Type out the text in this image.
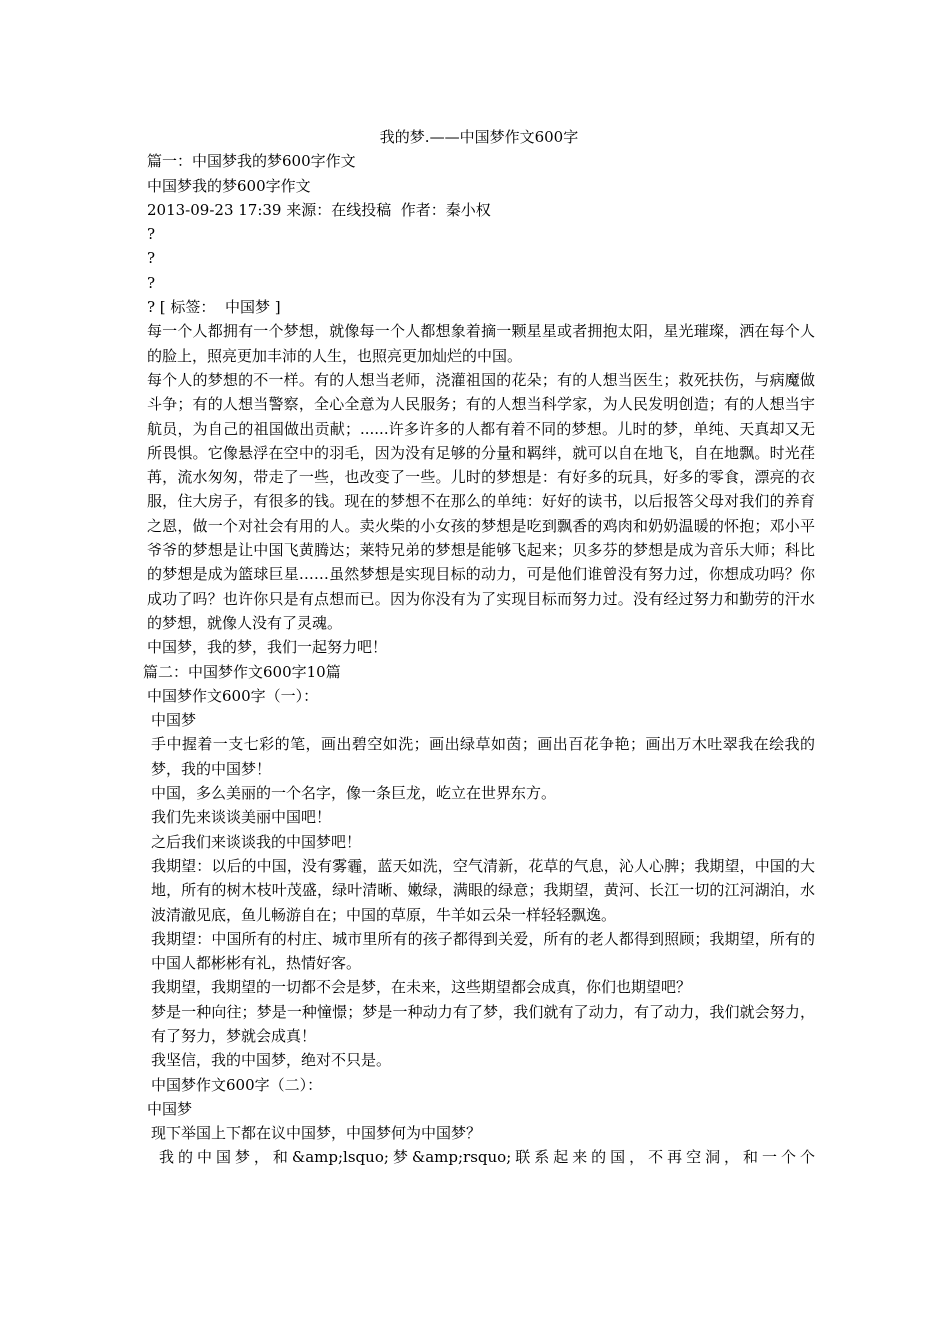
我的梦.——中国梦作文600字

篇一：中国梦我的梦600字作文

中国梦我的梦600字作文

2013-09-23 17:39 来源：在线投稿  作者：秦小权

?

?

?

? [ 标签：  中国梦 ]

每一个人都拥有一个梦想，就像每一个人都想象着摘一颗星星或者拥抱太阳，星光璀璨，洒在每个人的脸上，照亮更加丰沛的人生，也照亮更加灿烂的中国。

每个人的梦想的不一样。有的人想当老师，浇灌祖国的花朵；有的人想当医生；救死扶伤，与病魔做斗争；有的人想当警察，全心全意为人民服务；有的人想当科学家，为人民发明创造；有的人想当宇航员，为自己的祖国做出贡献；......许多许多的人都有着不同的梦想。儿时的梦，单纯、天真却又无所畏惧。它像悬浮在空中的羽毛，因为没有足够的分量和羁绊，就可以自在地飞，自在地飘。时光荏苒，流水匆匆，带走了一些，也改变了一些。儿时的梦想是：有好多的玩具，好多的零食，漂亮的衣服，住大房子，有很多的钱。现在的梦想不在那么的单纯：好好的读书，以后报答父母对我们的养育之恩，做一个对社会有用的人。卖火柴的小女孩的梦想是吃到飘香的鸡肉和奶奶温暖的怀抱；邓小平爷爷的梦想是让中国飞黄腾达；莱特兄弟的梦想是能够飞起来；贝多芬的梦想是成为音乐大师；科比的梦想是成为篮球巨星……虽然梦想是实现目标的动力，可是他们谁曾没有努力过，你想成功吗？你成功了吗？也许你只是有点想而已。因为你没有为了实现目标而努力过。没有经过努力和勤劳的汗水的梦想，就像人没有了灵魂。

中国梦，我的梦，我们一起努力吧！

篇二：中国梦作文600字10篇

中国梦作文600字（一）：

中国梦

手中握着一支七彩的笔，画出碧空如洗；画出绿草如茵；画出百花争艳；画出万木吐翠我在绘我的梦，我的中国梦！

中国，多么美丽的一个名字，像一条巨龙，屹立在世界东方。

我们先来谈谈美丽中国吧！

之后我们来谈谈我的中国梦吧！

我期望：以后的中国，没有雾霾，蓝天如洗，空气清新，花草的气息，沁人心脾；我期望，中国的大地，所有的树木枝叶茂盛，绿叶清晰、嫩绿，满眼的绿意；我期望，黄河、长江一切的江河湖泊，水波清澈见底，鱼儿畅游自在；中国的草原，牛羊如云朵一样轻轻飘逸。

我期望：中国所有的村庄、城市里所有的孩子都得到关爱，所有的老人都得到照顾；我期望，所有的中国人都彬彬有礼，热情好客。

我期望，我期望的一切都不会是梦，在未来，这些期望都会成真，你们也期望吧？

梦是一种向往；梦是一种憧憬；梦是一种动力有了梦，我们就有了动力，有了动力，我们就会努力，有了努力，梦就会成真！

我坚信，我的中国梦，绝对不只是。

中国梦作文600字（二）：

中国梦

现下举国上下都在议中国梦，中国梦何为中国梦？

我的中国梦，和&amp;lsquo;梦&amp;rsquo;联系起来的国，不再空洞，和一个个
